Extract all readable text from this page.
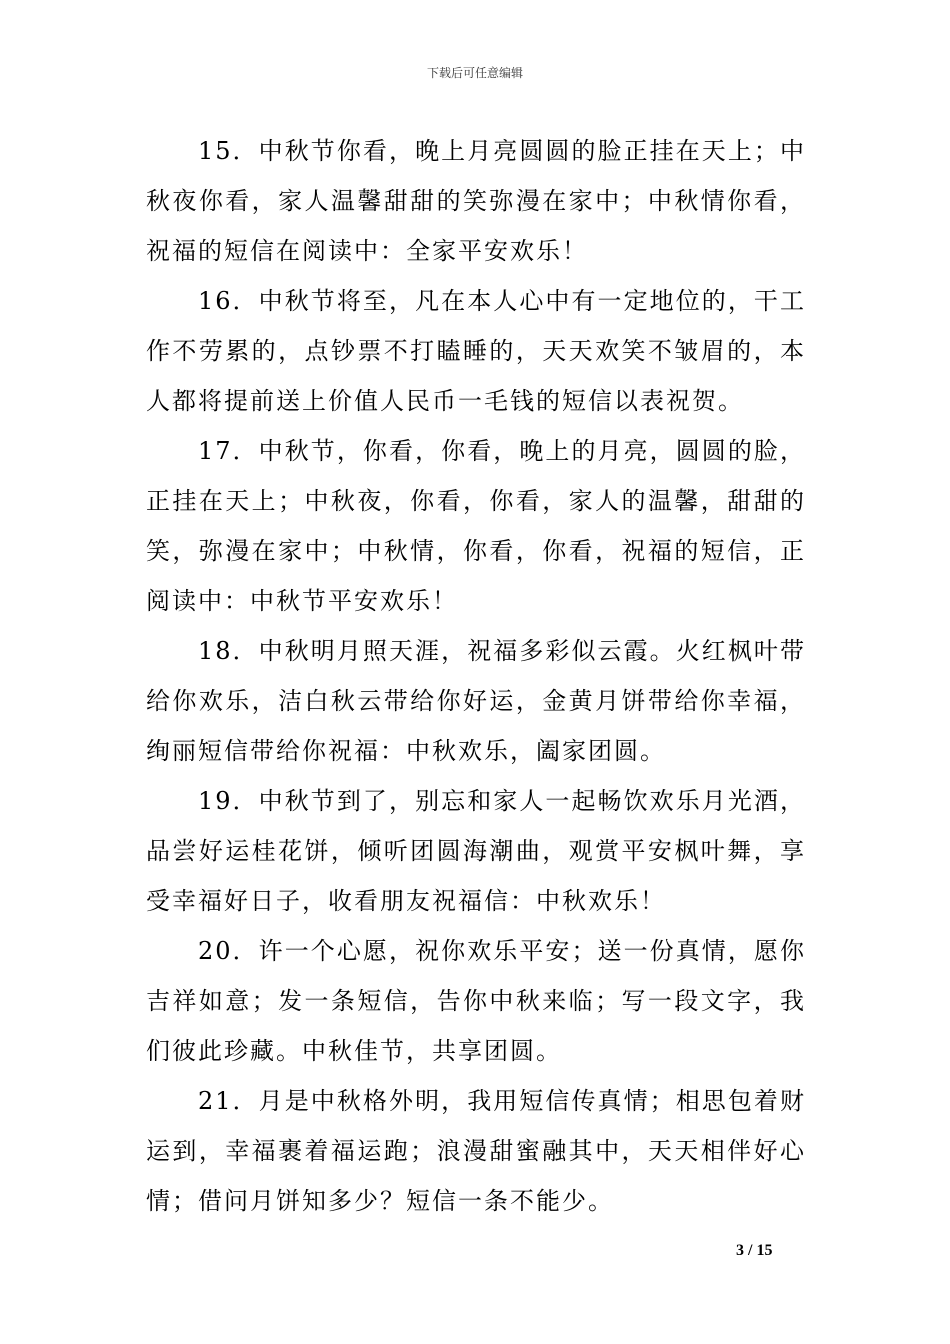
下载后可任意编辑

15．中秋节你看，晚上月亮圆圆的脸正挂在天上；中秋夜你看，家人温馨甜甜的笑弥漫在家中；中秋情你看，祝福的短信在阅读中：全家平安欢乐！

16．中秋节将至，凡在本人心中有一定地位的，干工作不劳累的，点钞票不打瞌睡的，天天欢笑不皱眉的，本人都将提前送上价值人民币一毛钱的短信以表祝贺。

17．中秋节，你看，你看，晚上的月亮，圆圆的脸，正挂在天上；中秋夜，你看，你看，家人的温馨，甜甜的笑，弥漫在家中；中秋情，你看，你看，祝福的短信，正阅读中：中秋节平安欢乐！

18．中秋明月照天涯，祝福多彩似云霞。火红枫叶带给你欢乐，洁白秋云带给你好运，金黄月饼带给你幸福，绚丽短信带给你祝福：中秋欢乐，阖家团圆。

19．中秋节到了，别忘和家人一起畅饮欢乐月光酒，品尝好运桂花饼，倾听团圆海潮曲，观赏平安枫叶舞，享受幸福好日子，收看朋友祝福信：中秋欢乐！

20．许一个心愿，祝你欢乐平安；送一份真情，愿你吉祥如意；发一条短信，告你中秋来临；写一段文字，我们彼此珍藏。中秋佳节，共享团圆。

21．月是中秋格外明，我用短信传真情；相思包着财运到，幸福裹着福运跑；浪漫甜蜜融其中，天天相伴好心情；借问月饼知多少？短信一条不能少。

3 / 15
